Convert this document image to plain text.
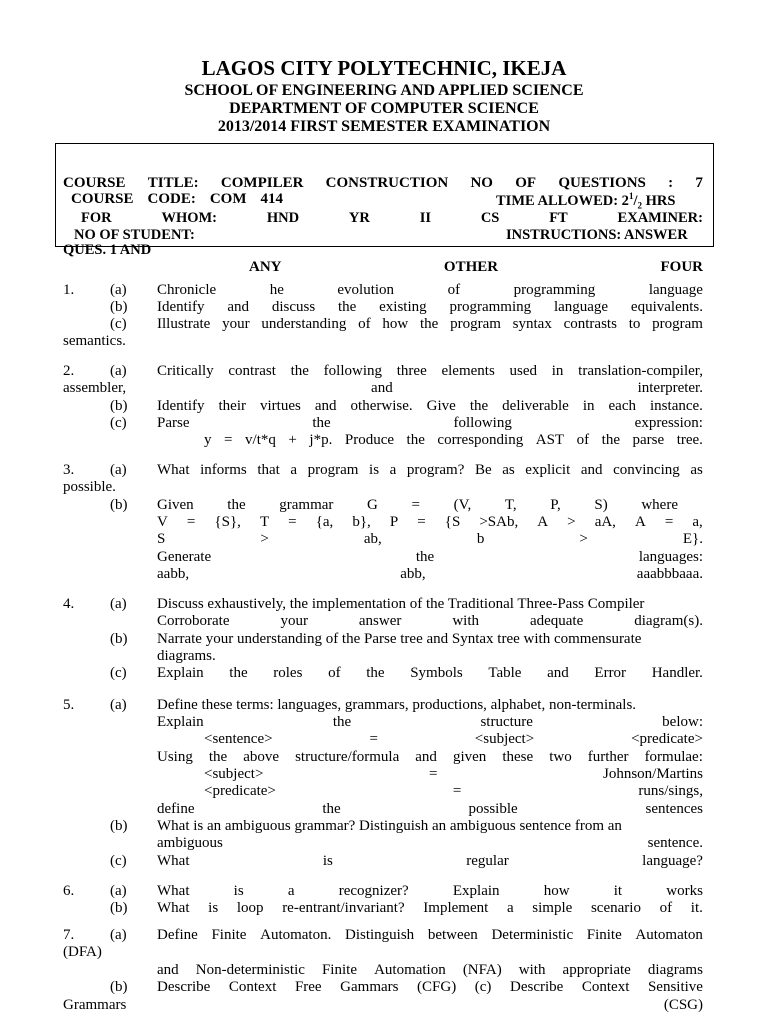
LAGOS CITY POLYTECHNIC, IKEJA
SCHOOL OF ENGINEERING AND APPLIED SCIENCE
DEPARTMENT OF COMPUTER SCIENCE
2013/2014 FIRST SEMESTER EXAMINATION
COURSE TITLE: COMPILER CONSTRUCTION NO OF QUESTIONS : 7
COURSE CODE: COM 414	TIME ALLOWED: $2^1/_2$ HRS
FOR	WHOM:	HND	YR	II	CS	FT	EXAMINER:
NO OF STUDENT:	INSTRUCTIONS: ANSWER
QUES. 1 AND
ANY	OTHER	FOUR
1. (a)
(b)
(c)
Chronicle	he	evolution	of	programming	language
Identify and discuss the existing programming language equivalents.
Illustrate your understanding of how the program syntax contrasts to program
semantics.
2. (a) Critically contrast the following three elements used in translation-compiler,
assembler,	and	interpreter.
(b) Identify their virtues and otherwise. Give the deliverable in each instance.
(c) Parse	the	following	expression:
y = v/t*q + j*p. Produce the corresponding AST of the parse tree.
3. (a) What informs that a program is a program? Be as explicit and convincing as
possible.
(b) Given the grammar G = (V, T, P, S) where
V = {S}, T = {a, b}, P = {S >SAb, A > aA, A = a,
S	>	ab,	b	>	E}.
Generate	the	languages:
aabb,	abb,	aaabbbaaa.
4. (a) Discuss exhaustively, the implementation of the Traditional Three-Pass Compiler
Corroborate	your	answer	with	adequate	diagram(s).
(b) Narrate your understanding of the Parse tree and Syntax tree with commensurate
diagrams.
(c) Explain the roles of the Symbols Table and Error Handler.
5. (a) Define these terms: languages, grammars, productions, alphabet, non-terminals.
Explain	the	structure	below:
<sentence>	=	<subject>	<predicate>
Using the above structure/formula and given these two further formulae:
<subject>	=	Johnson/Martins
<predicate>	=	runs/sings,
define	the	possible	sentences
(b) What is an ambiguous grammar? Distinguish an ambiguous sentence from an
ambiguous	sentence.
(c) What	is	regular	language?
6. (a) What	is	a	recognizer?	Explain	how	it	works
(b) What is loop re-entrant/invariant? Implement a simple scenario of it.
7. (a) Define Finite Automaton. Distinguish between Deterministic Finite Automaton
(DFA)
and Non-deterministic Finite Automation (NFA) with appropriate diagrams
(b) Describe Context Free Gammars (CFG) (c) Describe Context Sensitive
Grammars	(CSG)
